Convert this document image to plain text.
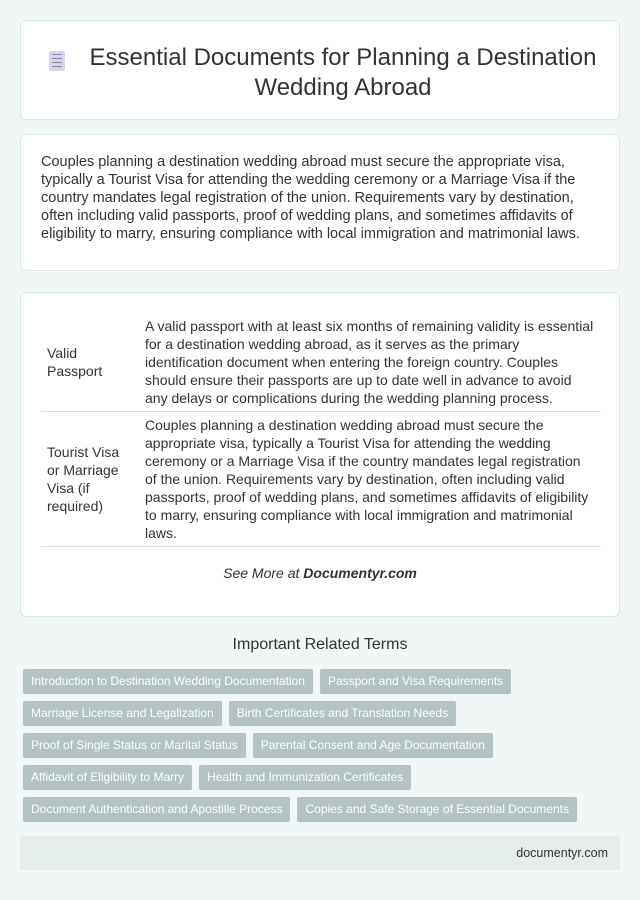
Essential Documents for Planning a Destination Wedding Abroad
Couples planning a destination wedding abroad must secure the appropriate visa, typically a Tourist Visa for attending the wedding ceremony or a Marriage Visa if the country mandates legal registration of the union. Requirements vary by destination, often including valid passports, proof of wedding plans, and sometimes affidavits of eligibility to marry, ensuring compliance with local immigration and matrimonial laws.
Valid Passport	A valid passport with at least six months of remaining validity is essential for a destination wedding abroad, as it serves as the primary identification document when entering the foreign country. Couples should ensure their passports are up to date well in advance to avoid any delays or complications during the wedding planning process.
Tourist Visa or Marriage Visa (if required)	Couples planning a destination wedding abroad must secure the appropriate visa, typically a Tourist Visa for attending the wedding ceremony or a Marriage Visa if the country mandates legal registration of the union. Requirements vary by destination, often including valid passports, proof of wedding plans, and sometimes affidavits of eligibility to marry, ensuring compliance with local immigration and matrimonial laws.
See More at Documentyr.com
Important Related Terms
Introduction to Destination Wedding Documentation	Passport and Visa Requirements
Marriage License and Legalization	Birth Certificates and Translation Needs
Proof of Single Status or Marital Status	Parental Consent and Age Documentation
Affidavit of Eligibility to Marry	Health and Immunization Certificates
Document Authentication and Apostille Process	Copies and Safe Storage of Essential Documents
documentyr.com
